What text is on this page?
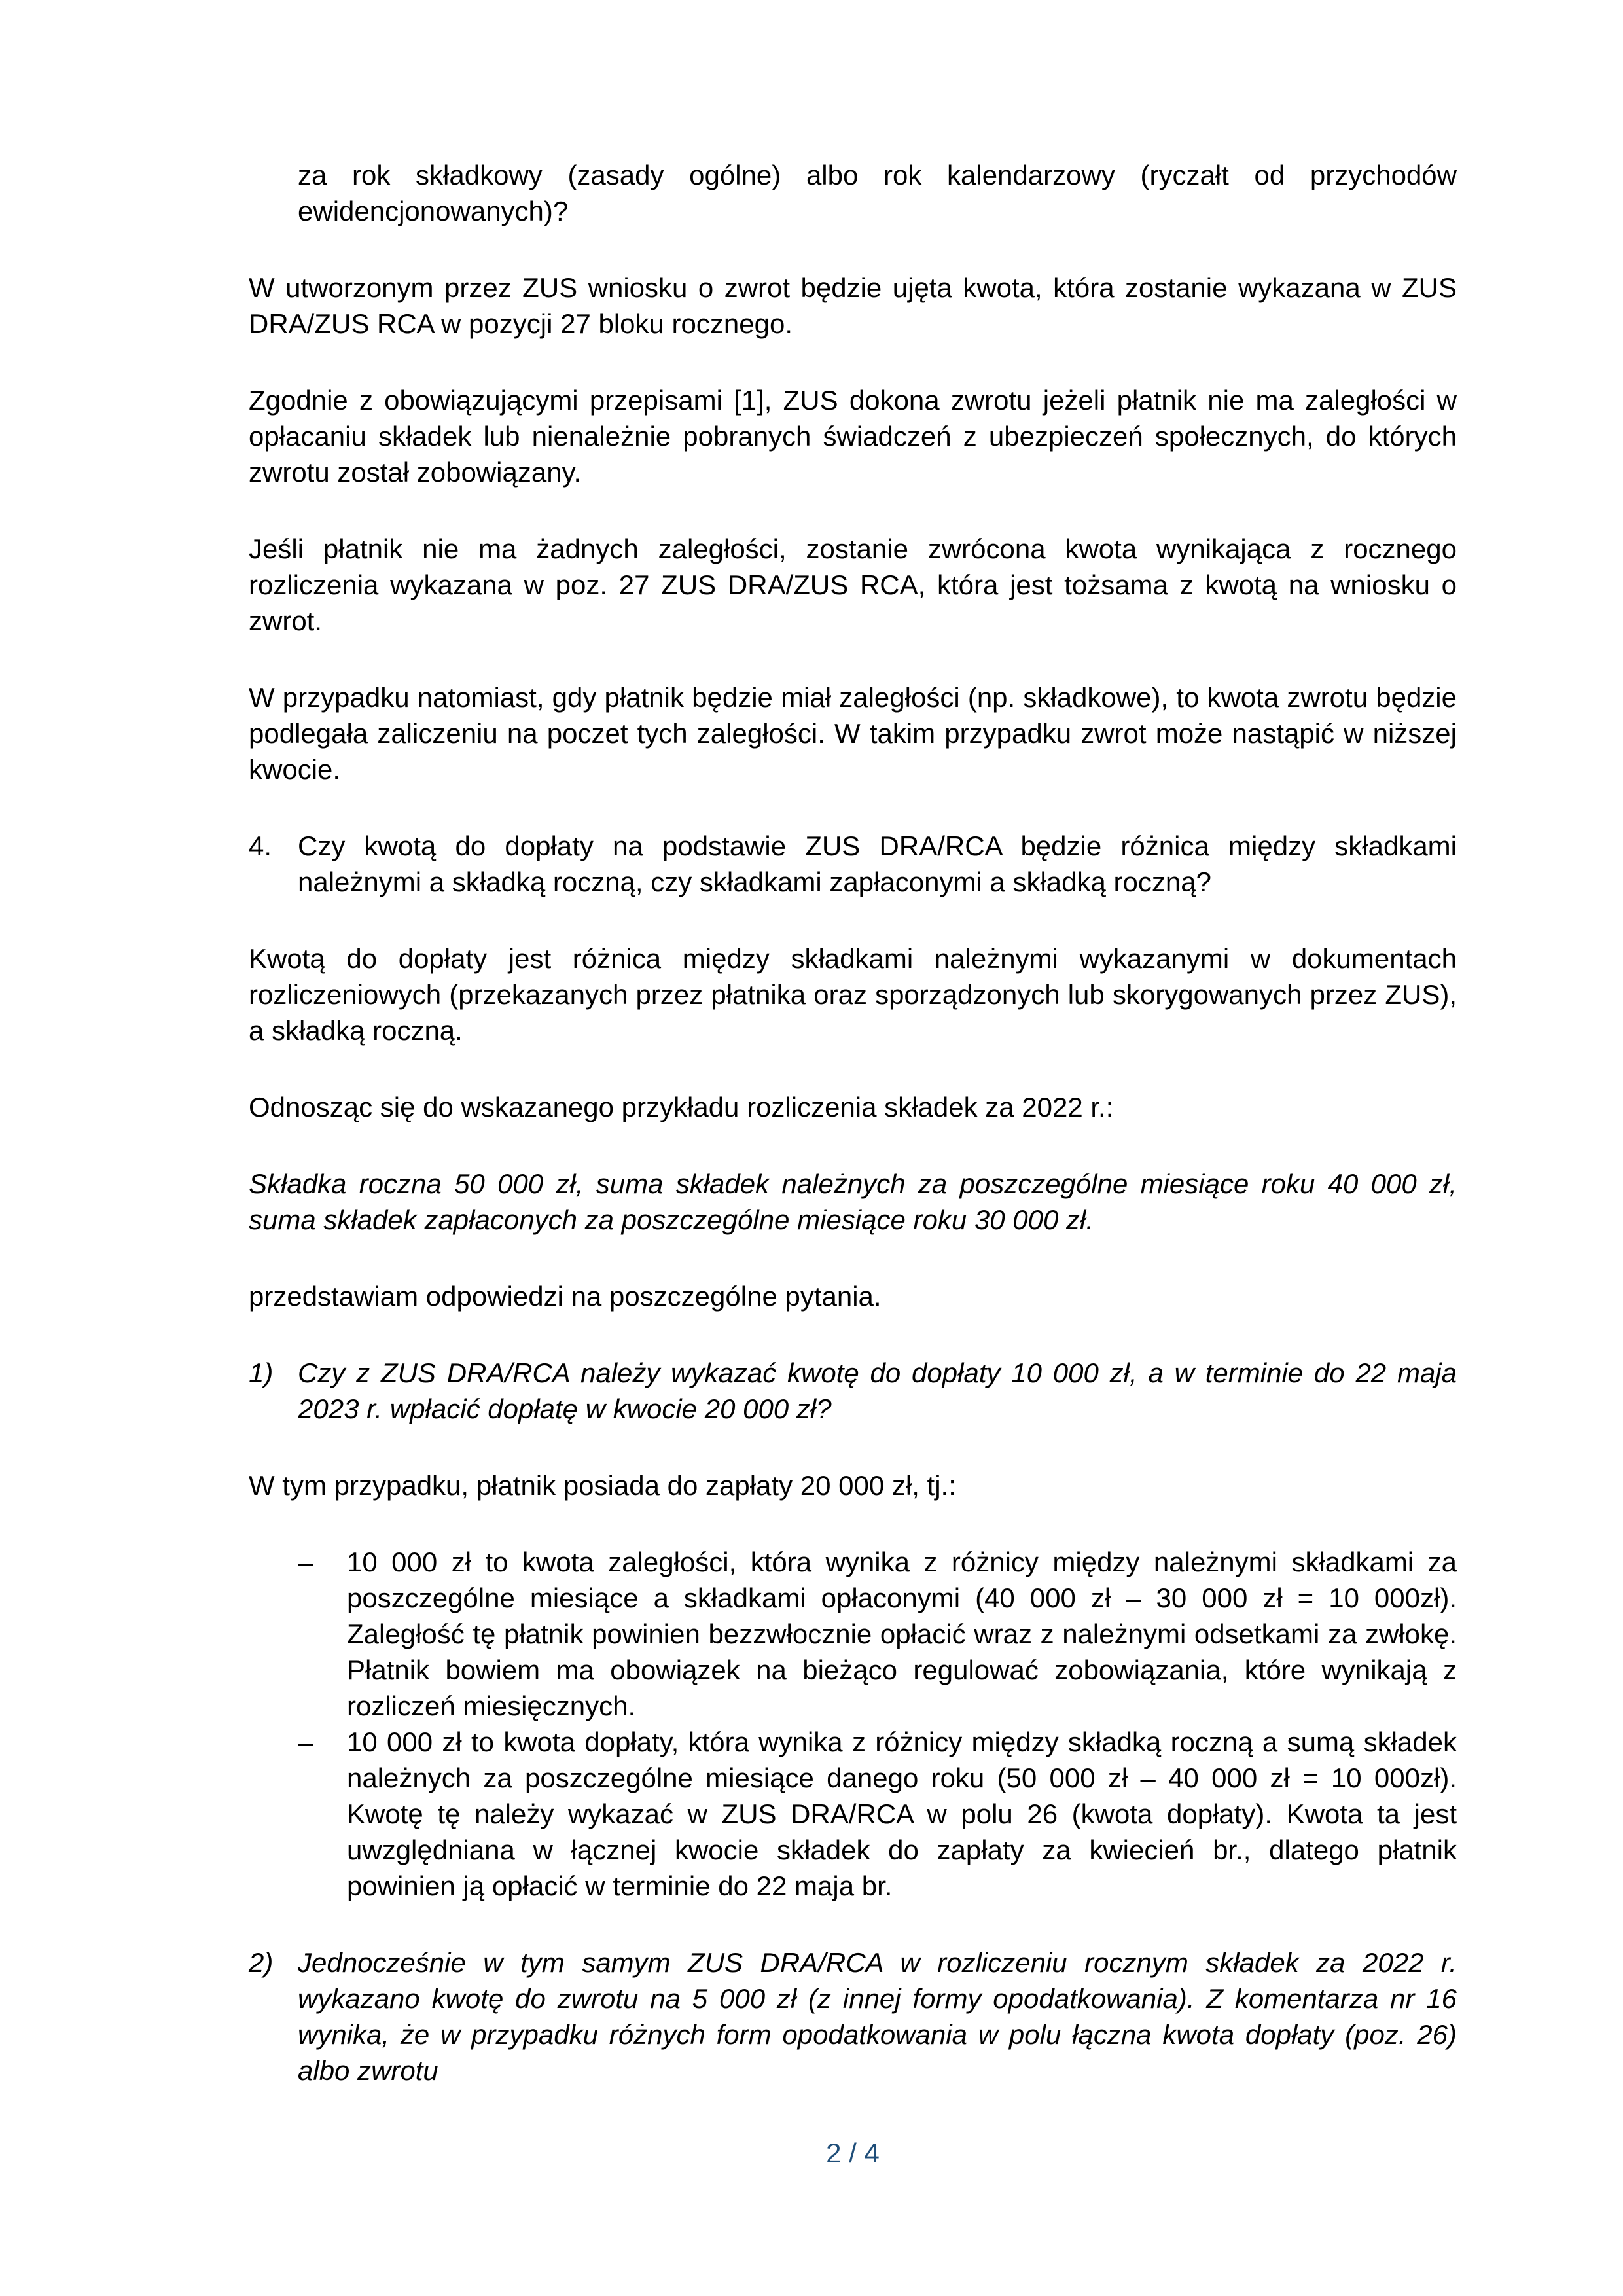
za rok składkowy (zasady ogólne) albo rok kalendarzowy (ryczałt od przychodów ewidencjonowanych)?

W utworzonym przez ZUS wniosku o zwrot będzie ujęta kwota, która zostanie wykazana w ZUS DRA/ZUS RCA w pozycji 27 bloku rocznego.

Zgodnie z obowiązującymi przepisami [1], ZUS dokona zwrotu jeżeli płatnik nie ma zaległości w opłacaniu składek lub nienależnie pobranych świadczeń z ubezpieczeń społecznych, do których zwrotu został zobowiązany.

Jeśli płatnik nie ma żadnych zaległości, zostanie zwrócona kwota wynikająca z rocznego rozliczenia wykazana w poz. 27 ZUS DRA/ZUS RCA, która jest tożsama z kwotą na wniosku o zwrot.

W przypadku natomiast, gdy płatnik będzie miał zaległości (np. składkowe), to kwota zwrotu będzie podlegała zaliczeniu na poczet tych zaległości. W takim przypadku zwrot może nastąpić w niższej kwocie.

4. Czy kwotą do dopłaty na podstawie ZUS DRA/RCA będzie różnica między składkami należnymi a składką roczną, czy składkami zapłaconymi a składką roczną?

Kwotą do dopłaty jest różnica między składkami należnymi wykazanymi w dokumentach rozliczeniowych (przekazanych przez płatnika oraz sporządzonych lub skorygowanych przez ZUS), a składką roczną.

Odnosząc się do wskazanego przykładu rozliczenia składek za 2022 r.:

Składka roczna 50 000 zł, suma składek należnych za poszczególne miesiące roku 40 000 zł, suma składek zapłaconych za poszczególne miesiące roku 30 000 zł.

przedstawiam odpowiedzi na poszczególne pytania.

1) Czy z ZUS DRA/RCA należy wykazać kwotę do dopłaty 10 000 zł, a w terminie do 22 maja 2023 r. wpłacić dopłatę w kwocie 20 000 zł?

W tym przypadku, płatnik posiada do zapłaty 20 000 zł, tj.:

–	10 000 zł to kwota zaległości, która wynika z różnicy między należnymi składkami za poszczególne miesiące a składkami opłaconymi (40 000 zł – 30 000 zł = 10 000zł). Zaległość tę płatnik powinien bezzwłocznie opłacić wraz z należnymi odsetkami za zwłokę. Płatnik bowiem ma obowiązek na bieżąco regulować zobowiązania, które wynikają z rozliczeń miesięcznych.

–	10 000 zł to kwota dopłaty, która wynika z różnicy między składką roczną a sumą składek należnych za poszczególne miesiące danego roku (50 000 zł – 40 000 zł = 10 000zł). Kwotę tę należy wykazać w ZUS DRA/RCA w polu 26 (kwota dopłaty). Kwota ta jest uwzględniana w łącznej kwocie składek do zapłaty za kwiecień br., dlatego płatnik powinien ją opłacić w terminie do 22 maja br.

2) Jednocześnie w tym samym ZUS DRA/RCA w rozliczeniu rocznym składek za 2022 r. wykazano kwotę do zwrotu na 5 000 zł (z innej formy opodatkowania). Z komentarza nr 16 wynika, że w przypadku różnych form opodatkowania w polu łączna kwota dopłaty (poz. 26) albo zwrotu

2 / 4
